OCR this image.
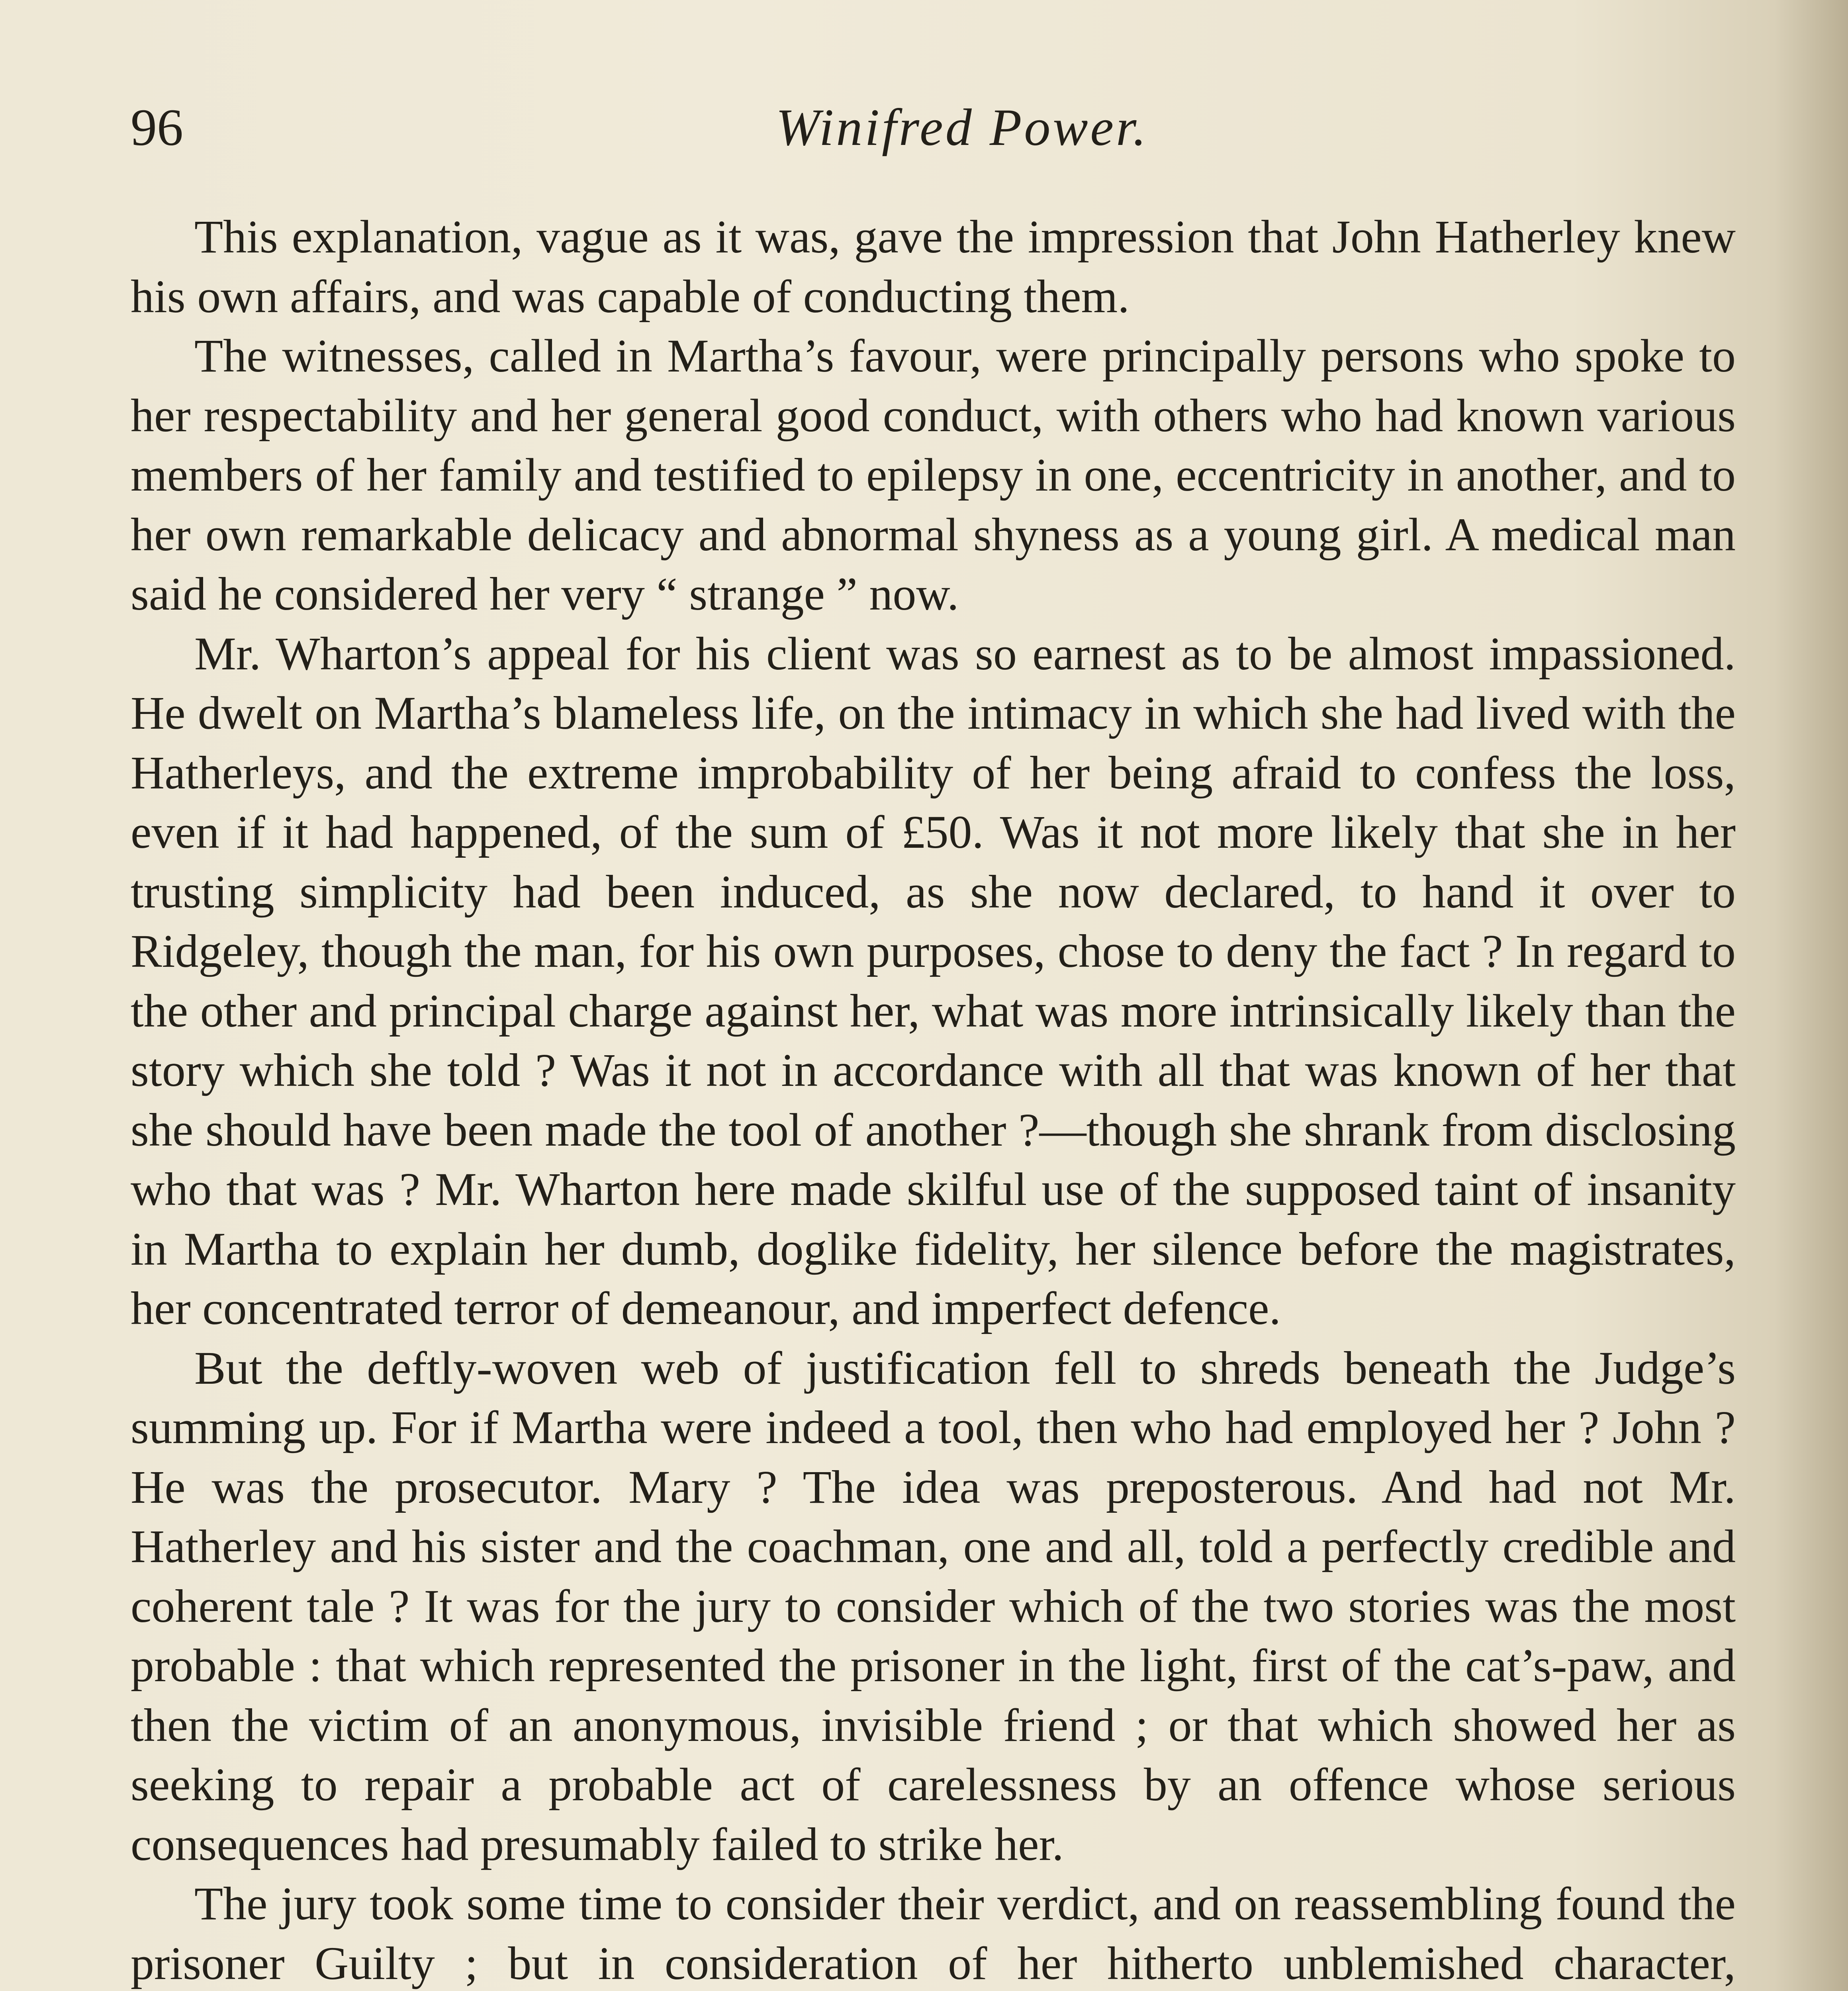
96	Winifred Power.

This explanation, vague as it was, gave the impression that John Hatherley knew his own affairs, and was capable of conducting them.

The witnesses, called in Martha’s favour, were principally persons who spoke to her respectability and her general good conduct, with others who had known various members of her family and testified to epilepsy in one, eccentricity in another, and to her own remarkable delicacy and abnormal shyness as a young girl. A medical man said he considered her very “ strange ” now.

Mr. Wharton’s appeal for his client was so earnest as to be almost impassioned. He dwelt on Martha’s blameless life, on the intimacy in which she had lived with the Hatherleys, and the extreme improbability of her being afraid to confess the loss, even if it had happened, of the sum of £50. Was it not more likely that she in her trusting simplicity had been induced, as she now declared, to hand it over to Ridgeley, though the man, for his own purposes, chose to deny the fact ? In regard to the other and principal charge against her, what was more intrinsically likely than the story which she told ? Was it not in accordance with all that was known of her that she should have been made the tool of another ?—though she shrank from disclosing who that was ? Mr. Wharton here made skilful use of the supposed taint of insanity in Martha to explain her dumb, doglike fidelity, her silence before the magistrates, her concentrated terror of demeanour, and imperfect defence.

But the deftly-woven web of justification fell to shreds beneath the Judge’s summing up. For if Martha were indeed a tool, then who had employed her ? John ? He was the prosecutor. Mary ? The idea was preposterous. And had not Mr. Hatherley and his sister and the coachman, one and all, told a perfectly credible and coherent tale ? It was for the jury to consider which of the two stories was the most probable : that which represented the prisoner in the light, first of the cat’s-paw, and then the victim of an anonymous, invisible friend ; or that which showed her as seeking to repair a probable act of carelessness by an offence whose serious consequences had presumably failed to strike her.

The jury took some time to consider their verdict, and on reassembling found the prisoner Guilty ; but in consideration of her hitherto unblemished character,
